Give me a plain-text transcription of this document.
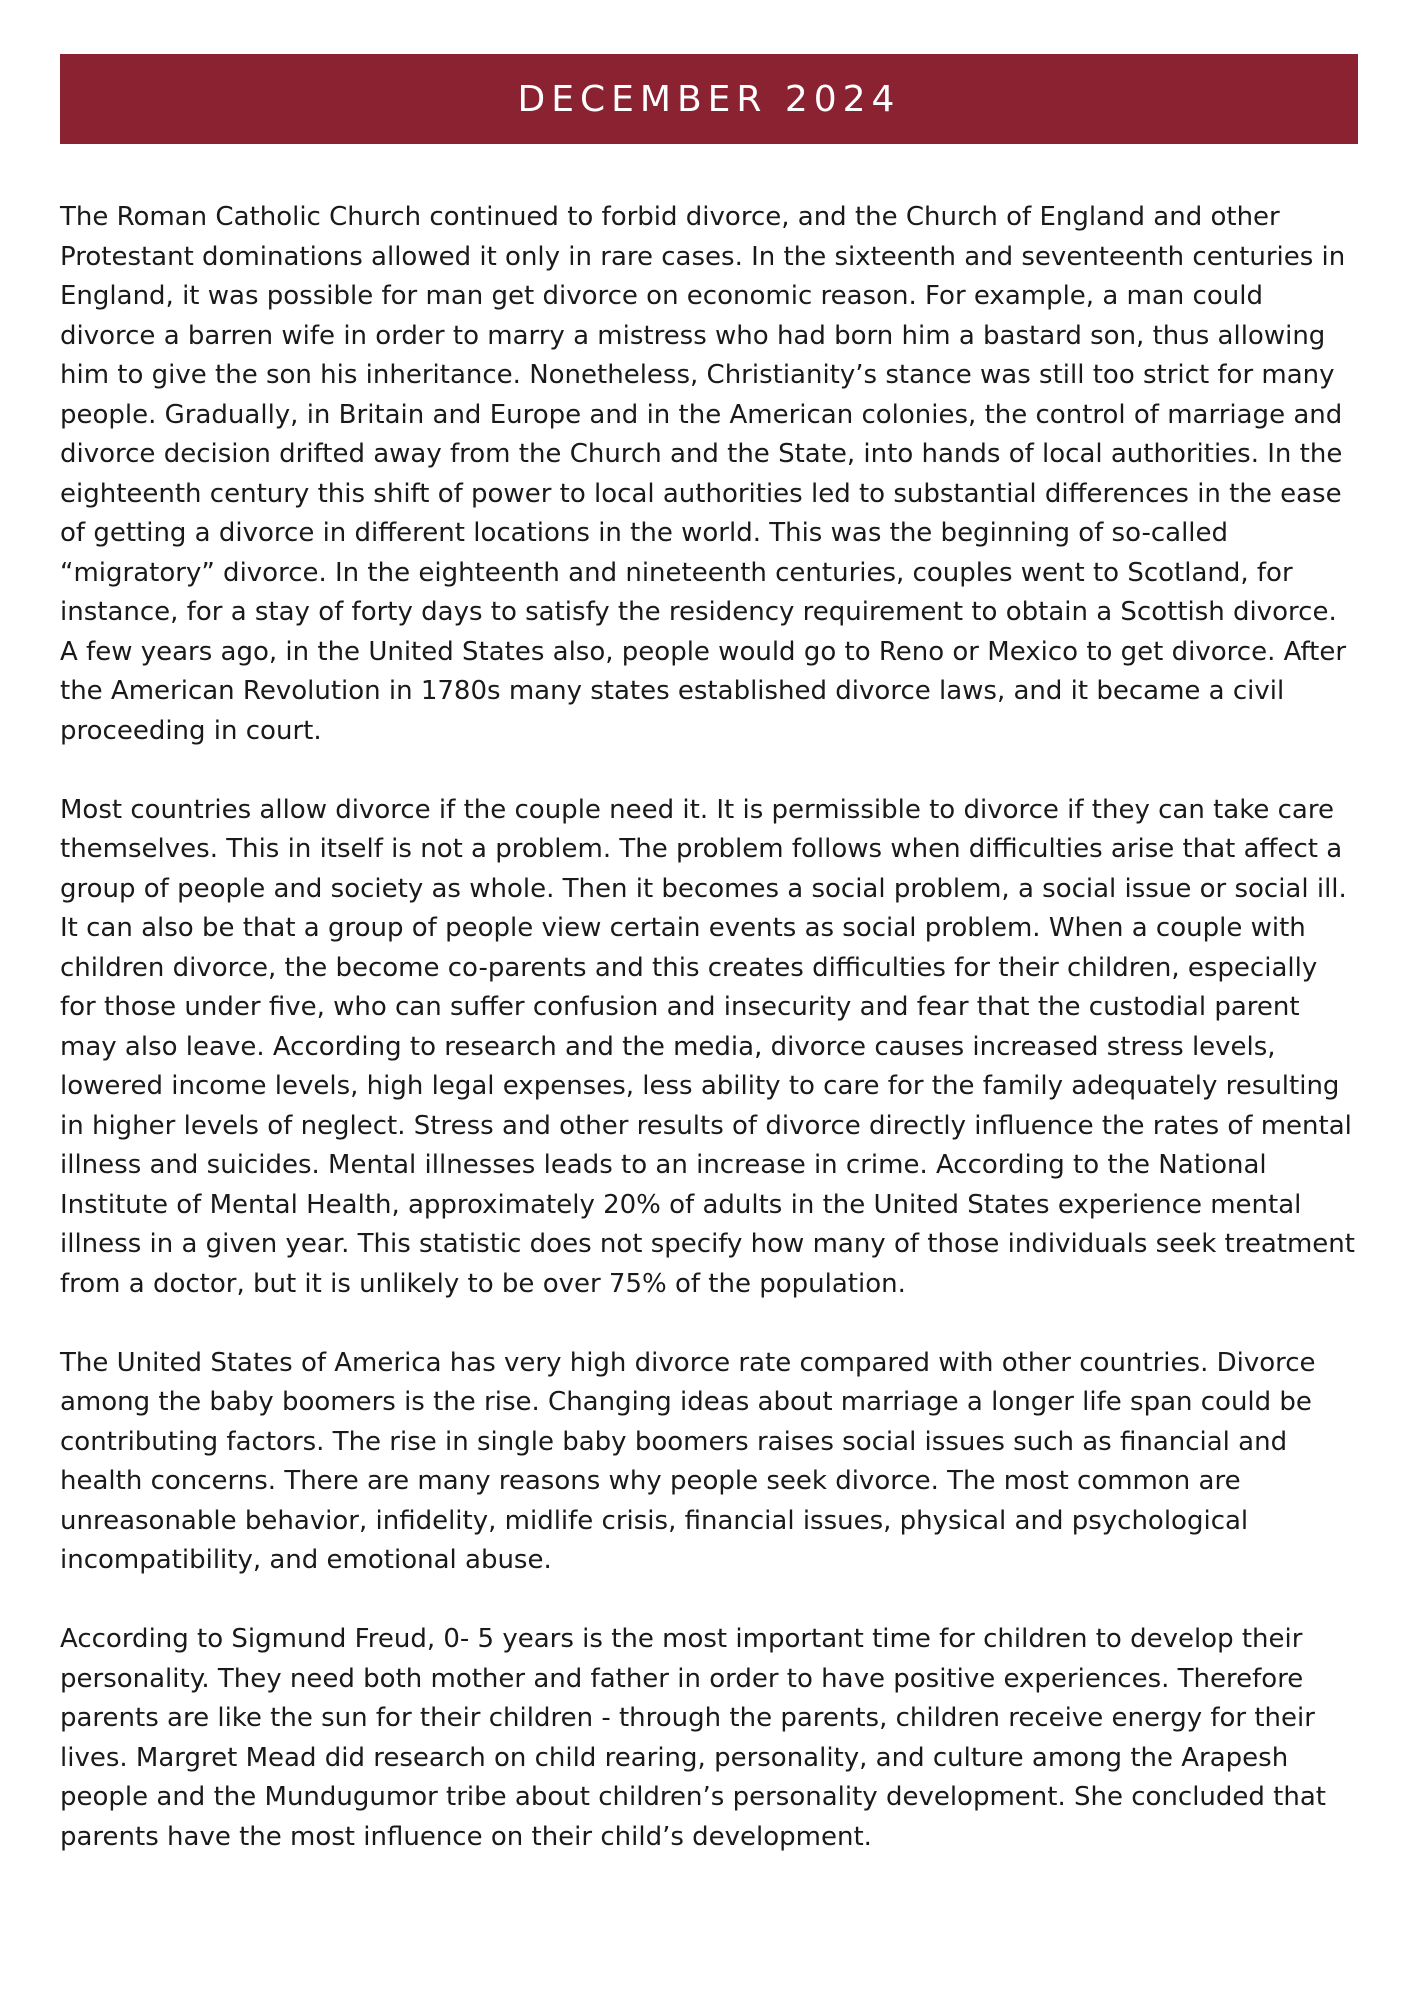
DECEMBER 2024

The Roman Catholic Church continued to forbid divorce, and the Church of England and other Protestant dominations allowed it only in rare cases. In the sixteenth and seventeenth centuries in England, it was possible for man get divorce on economic reason. For example, a man could divorce a barren wife in order to marry a mistress who had born him a bastard son, thus allowing him to give the son his inheritance. Nonetheless, Christianity’s stance was still too strict for many people. Gradually, in Britain and Europe and in the American colonies, the control of marriage and divorce decision drifted away from the Church and the State, into hands of local authorities. In the eighteenth century this shift of power to local authorities led to substantial differences in the ease of getting a divorce in different locations in the world. This was the beginning of so-called “migratory” divorce. In the eighteenth and nineteenth centuries, couples went to Scotland, for instance, for a stay of forty days to satisfy the residency requirement to obtain a Scottish divorce. A few years ago, in the United States also, people would go to Reno or Mexico to get divorce. After the American Revolution in 1780s many states established divorce laws, and it became a civil proceeding in court.

Most countries allow divorce if the couple need it. It is permissible to divorce if they can take care themselves. This in itself is not a problem. The problem follows when difficulties arise that affect a group of people and society as whole. Then it becomes a social problem, a social issue or social ill. It can also be that a group of people view certain events as social problem. When a couple with children divorce, the become co-parents and this creates difficulties for their children, especially for those under five, who can suffer confusion and insecurity and fear that the custodial parent may also leave. According to research and the media, divorce causes increased stress levels, lowered income levels, high legal expenses, less ability to care for the family adequately resulting in higher levels of neglect. Stress and other results of divorce directly influence the rates of mental illness and suicides. Mental illnesses leads to an increase in crime. According to the National Institute of Mental Health, approximately 20% of adults in the United States experience mental illness in a given year. This statistic does not specify how many of those individuals seek treatment from a doctor, but it is unlikely to be over 75% of the population.

The United States of America has very high divorce rate compared with other countries. Divorce among the baby boomers is the rise. Changing ideas about marriage a longer life span could be contributing factors. The rise in single baby boomers raises social issues such as financial and health concerns. There are many reasons why people seek divorce. The most common are unreasonable behavior, infidelity, midlife crisis, financial issues, physical and psychological incompatibility, and emotional abuse.

According to Sigmund Freud, 0- 5 years is the most important time for children to develop their personality. They need both mother and father in order to have positive experiences. Therefore parents are like the sun for their children - through the parents, children receive energy for their lives. Margret Mead did research on child rearing, personality, and culture among the Arapesh people and the Mundugumor tribe about children’s personality development. She concluded that parents have the most influence on their child’s development.
